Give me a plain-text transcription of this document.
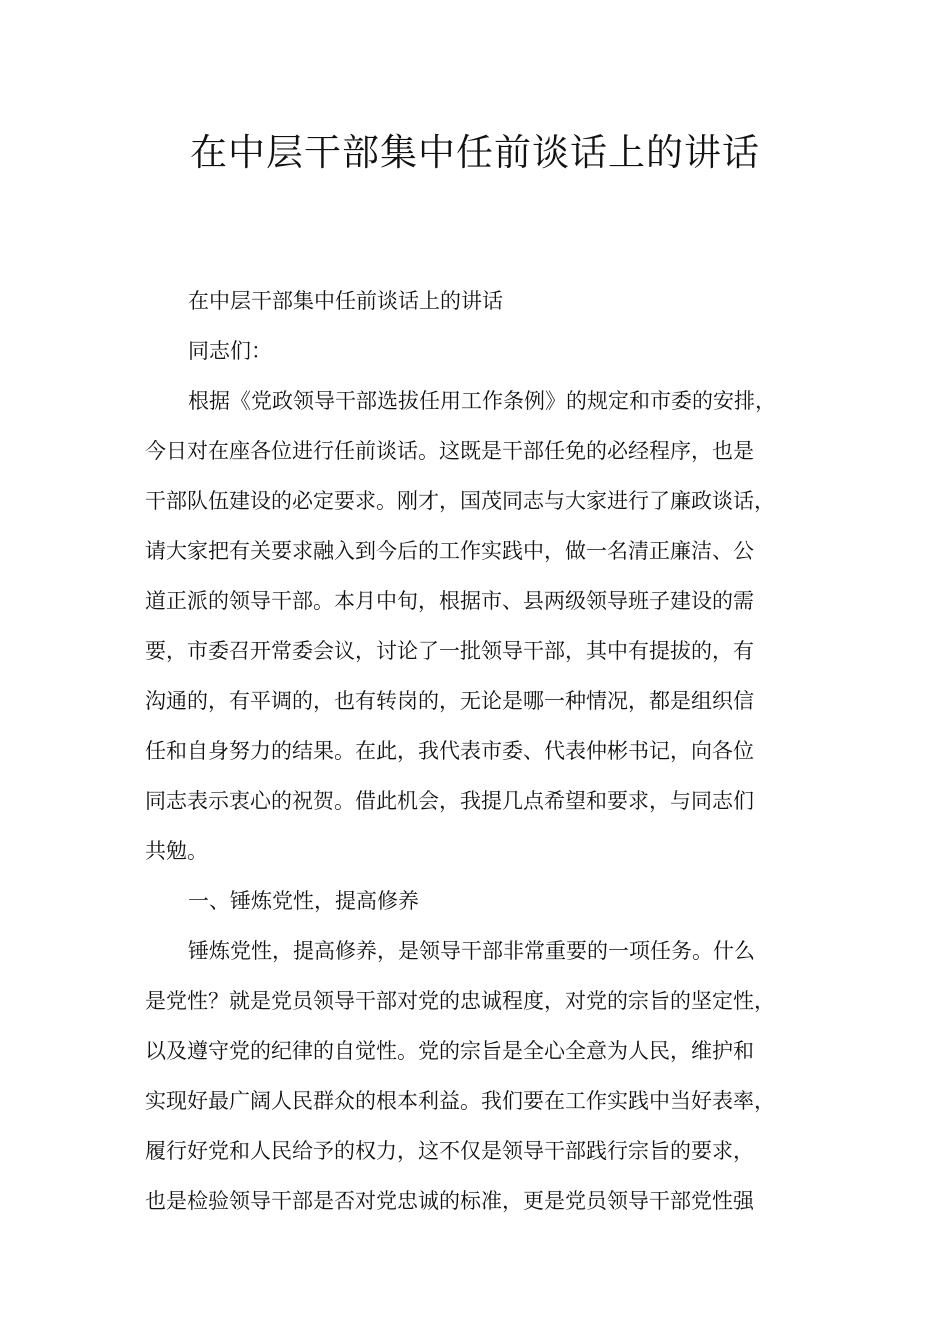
在中层干部集中任前谈话上的讲话
在中层干部集中任前谈话上的讲话
同志们：
根据《党政领导干部选拔任用工作条例》的规定和市委的安排，
今日对在座各位进行任前谈话。这既是干部任免的必经程序，也是
干部队伍建设的必定要求。刚才，国茂同志与大家进行了廉政谈话，
请大家把有关要求融入到今后的工作实践中，做一名清正廉洁、公
道正派的领导干部。本月中旬，根据市、县两级领导班子建设的需
要，市委召开常委会议，讨论了一批领导干部，其中有提拔的，有
沟通的，有平调的，也有转岗的，无论是哪一种情况，都是组织信
任和自身努力的结果。在此，我代表市委、代表仲彬书记，向各位
同志表示衷心的祝贺。借此机会，我提几点希望和要求，与同志们
共勉。
一、锤炼党性，提高修养
锤炼党性，提高修养，是领导干部非常重要的一项任务。什么
是党性？就是党员领导干部对党的忠诚程度，对党的宗旨的坚定性，
以及遵守党的纪律的自觉性。党的宗旨是全心全意为人民，维护和
实现好最广阔人民群众的根本利益。我们要在工作实践中当好表率，
履行好党和人民给予的权力，这不仅是领导干部践行宗旨的要求，
也是检验领导干部是否对党忠诚的标准，更是党员领导干部党性强
